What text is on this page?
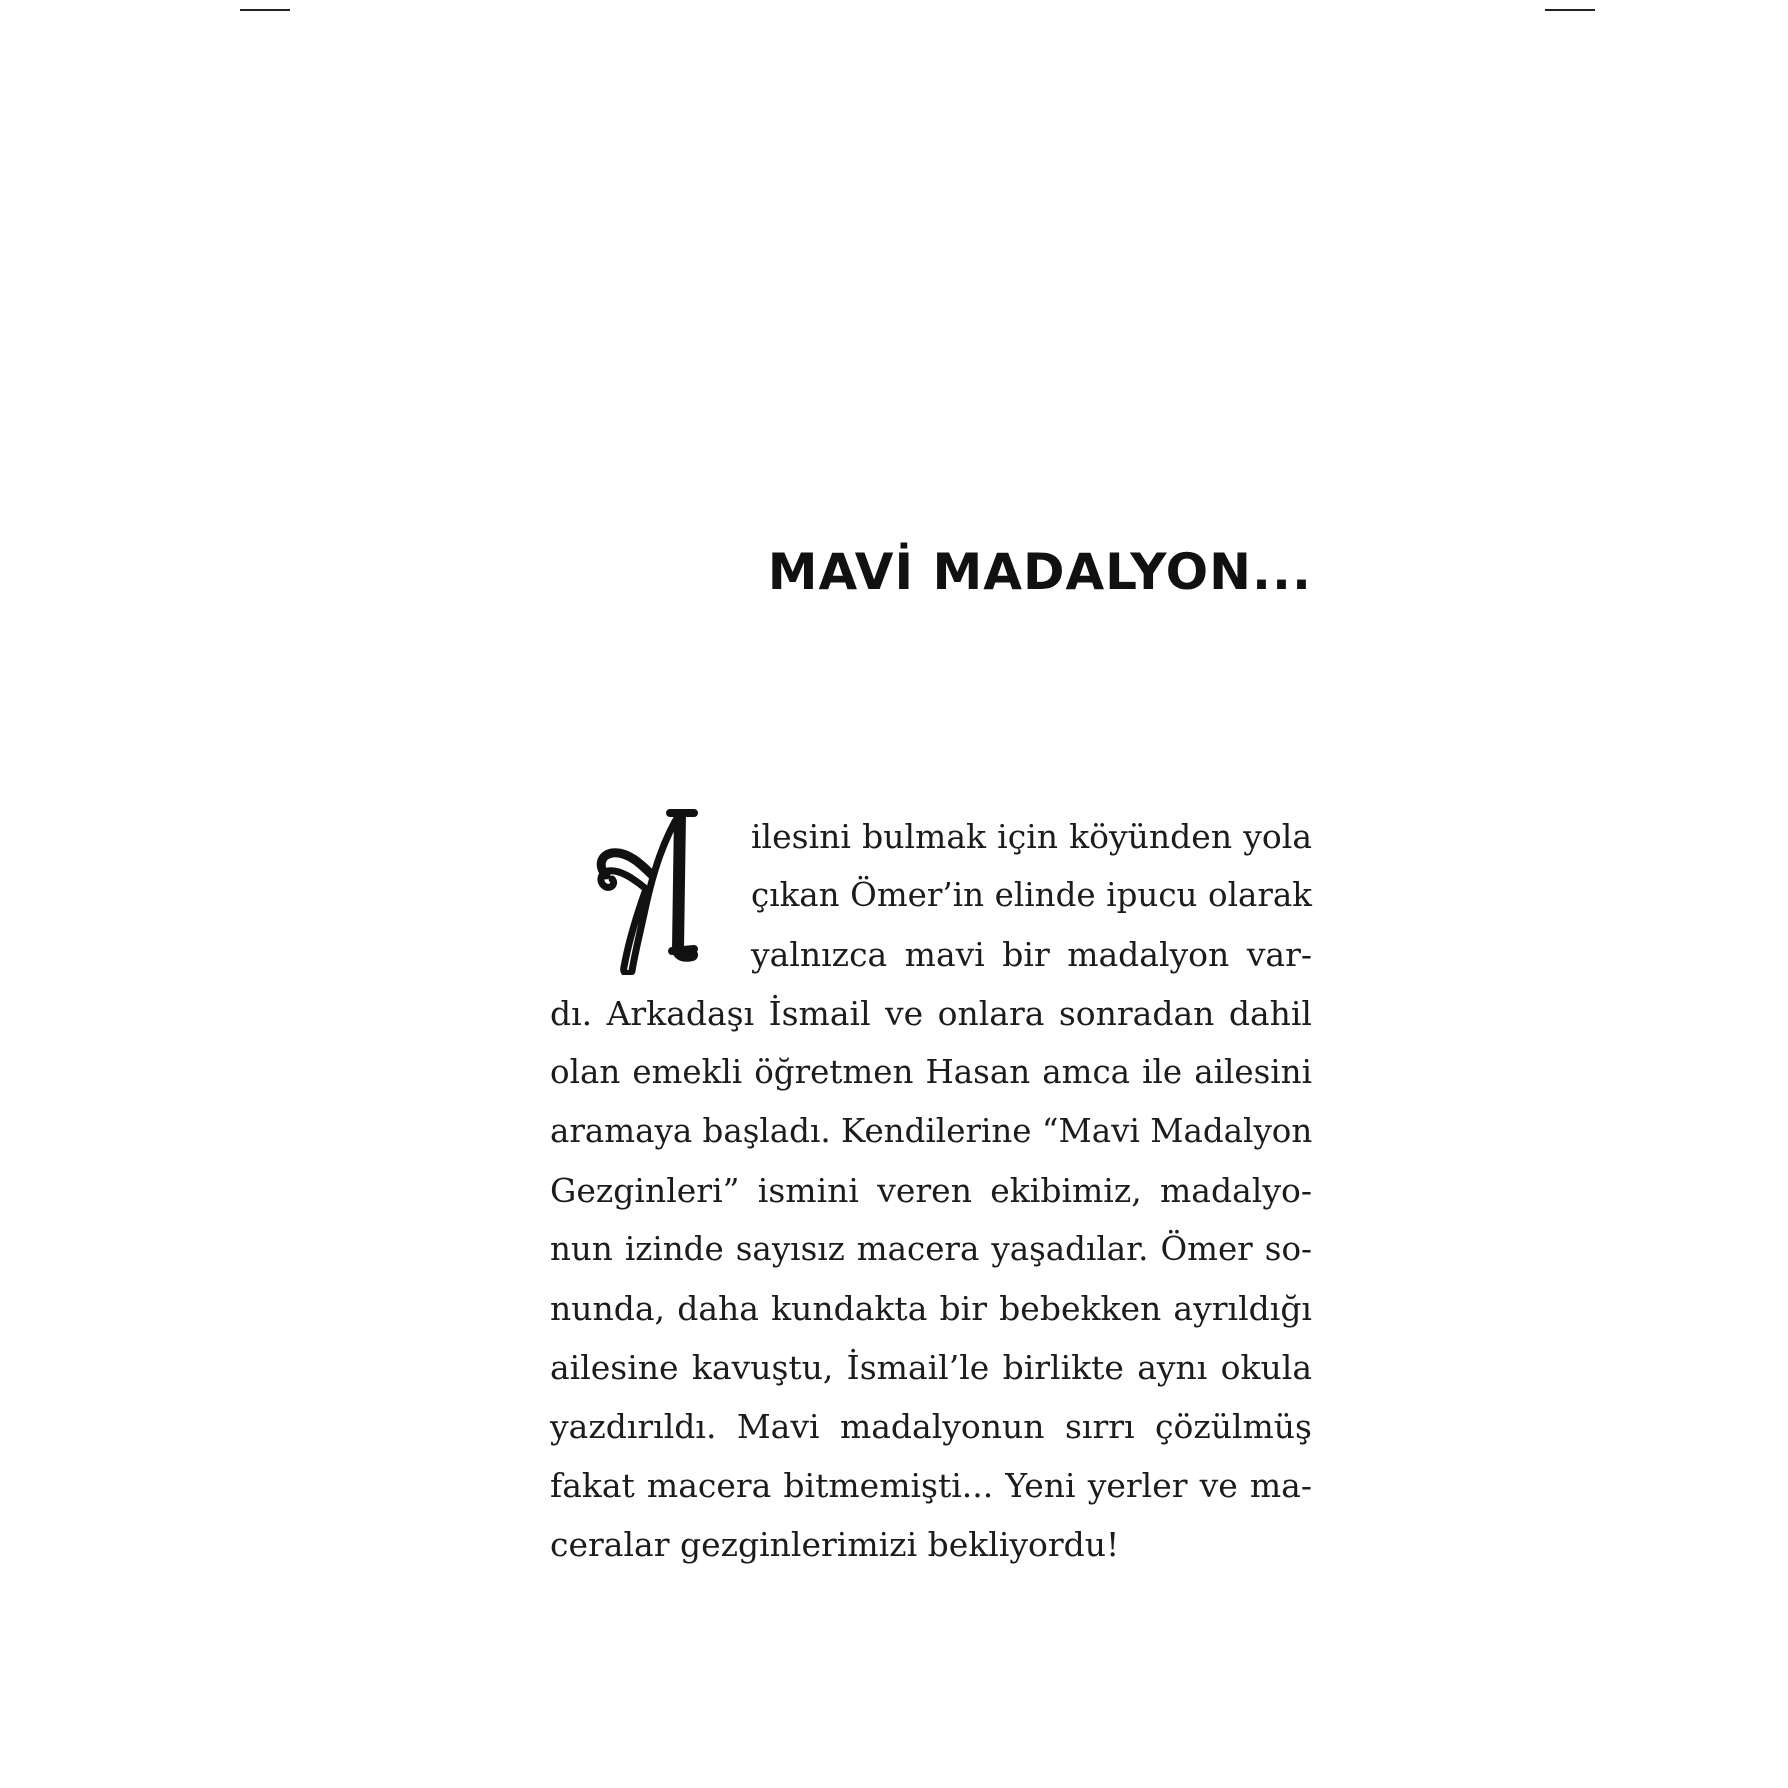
MAVİ MADALYON...
ilesini bulmak için köyünden yola
çıkan Ömer’in elinde ipucu olarak
yalnızca mavi bir madalyon var-
dı. Arkadaşı İsmail ve onlara sonradan dahil
olan emekli öğretmen Hasan amca ile ailesini
aramaya başladı. Kendilerine “Mavi Madalyon
Gezginleri” ismini veren ekibimiz, madalyo-
nun izinde sayısız macera yaşadılar. Ömer so-
nunda, daha kundakta bir bebekken ayrıldığı
ailesine kavuştu, İsmail’le birlikte aynı okula
yazdırıldı. Mavi madalyonun sırrı çözülmüş
fakat macera bitmemişti... Yeni yerler ve ma-
ceralar gezginlerimizi bekliyordu!
